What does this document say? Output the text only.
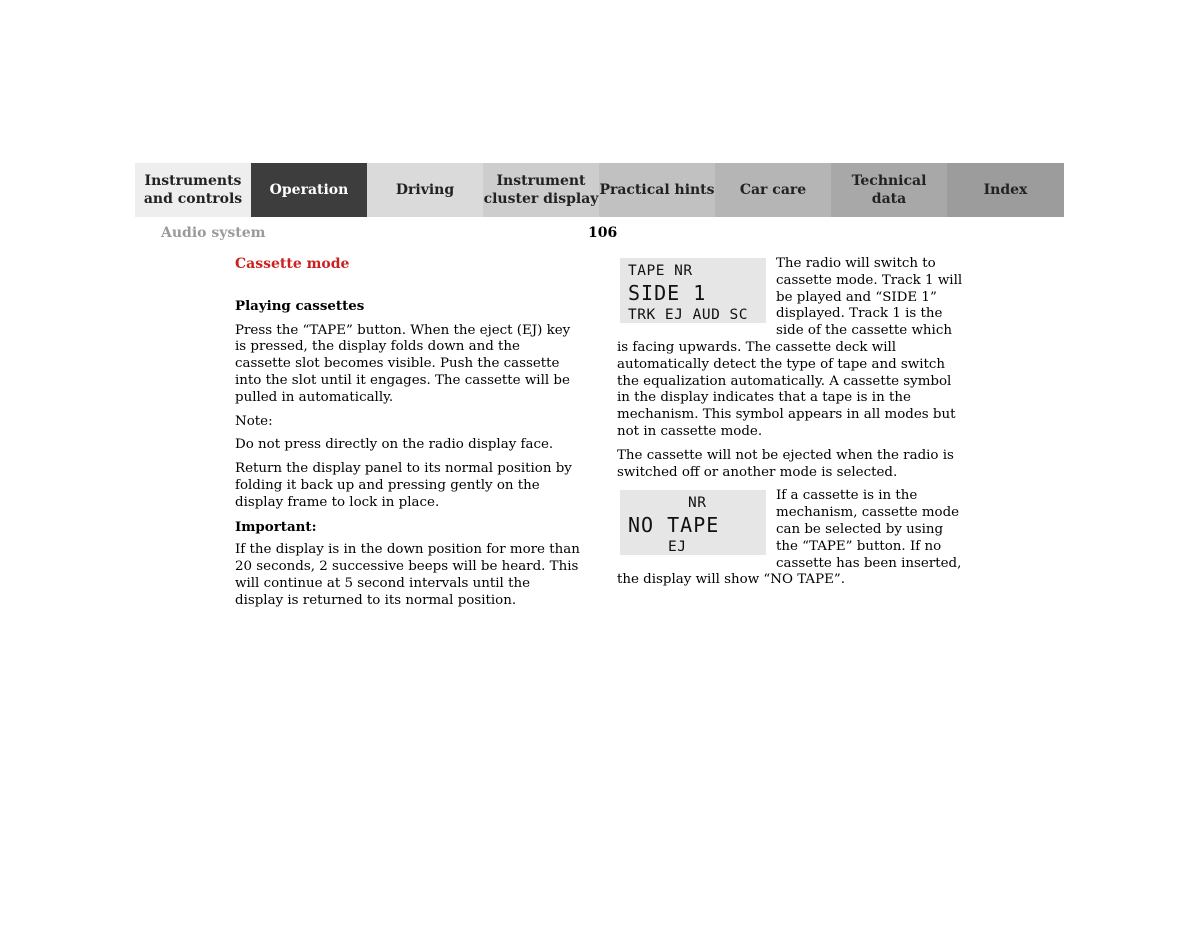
Instruments
and controls
Operation	Driving
Instrument
cluster display
Practical hints Car care
Technical
data
Index
Audio system	106

Cassette mode

Playing cassettes

Press the “TAPE” button. When the eject (EJ) key is pressed, the display folds down and the cassette slot becomes visible. Push the cassette into the slot until it engages. The cassette will be pulled in automatically.

Note:

Do not press directly on the radio display face.

Return the display panel to its normal position by folding it back up and pressing gently on the display frame to lock in place.

Important:

If the display is in the down position for more than 20 seconds, 2 successive beeps will be heard. This will continue at 5 second intervals until the display is returned to its normal position.

TAPE NR
SIDE 1
TRK EJ AUD SC

The radio will switch to cassette mode. Track 1 will be played and “SIDE 1” displayed. Track 1 is the side of the cassette which is facing upwards. The cassette deck will automatically detect the type of tape and switch the equalization automatically. A cassette symbol in the display indicates that a tape is in the mechanism. This symbol appears in all modes but not in cassette mode.

The cassette will not be ejected when the radio is switched off or another mode is selected.

NR
NO TAPE
EJ

If a cassette is in the mechanism, cassette mode can be selected by using the “TAPE” button. If no cassette has been inserted, the display will show “NO TAPE”.
